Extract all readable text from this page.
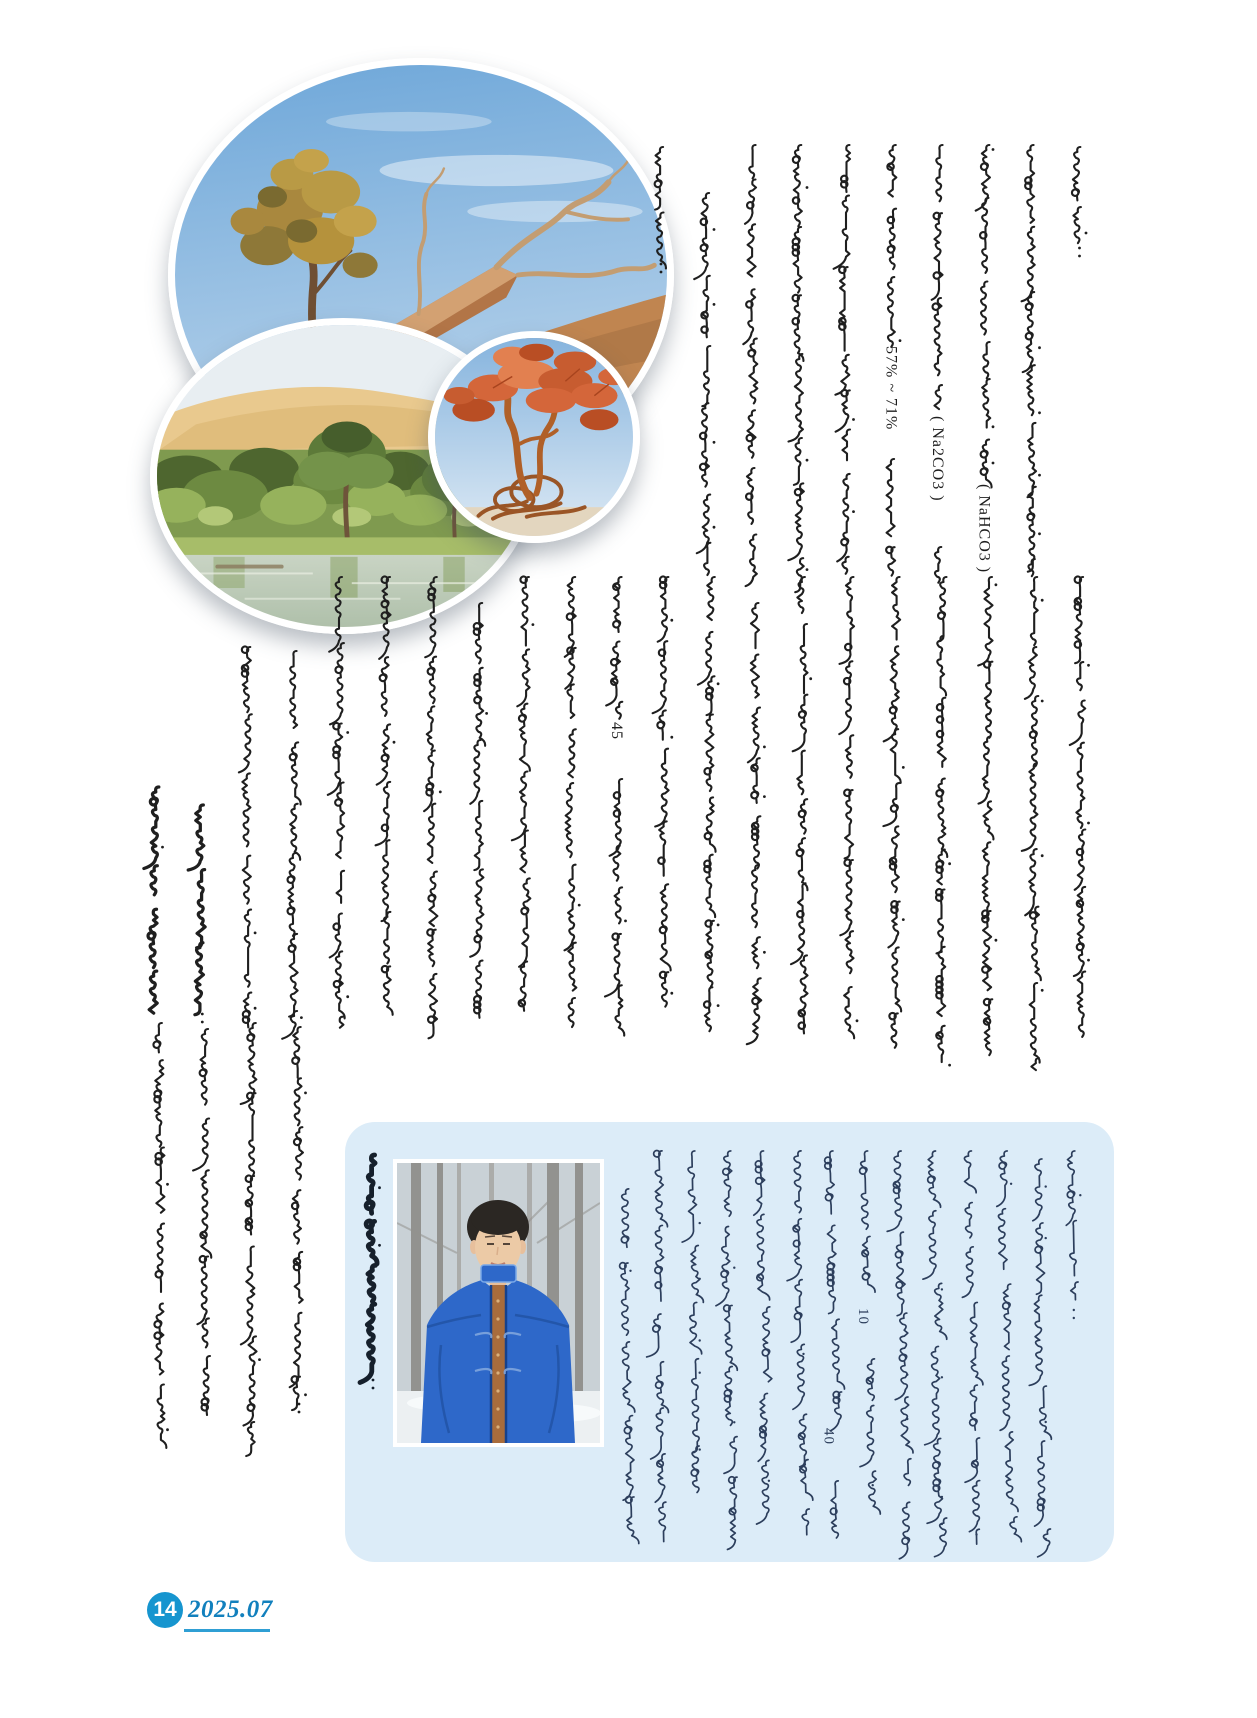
57% ~ 71%
( Na2CO3 )
( NaHCO3 )
45
40
10
14 2025.07
